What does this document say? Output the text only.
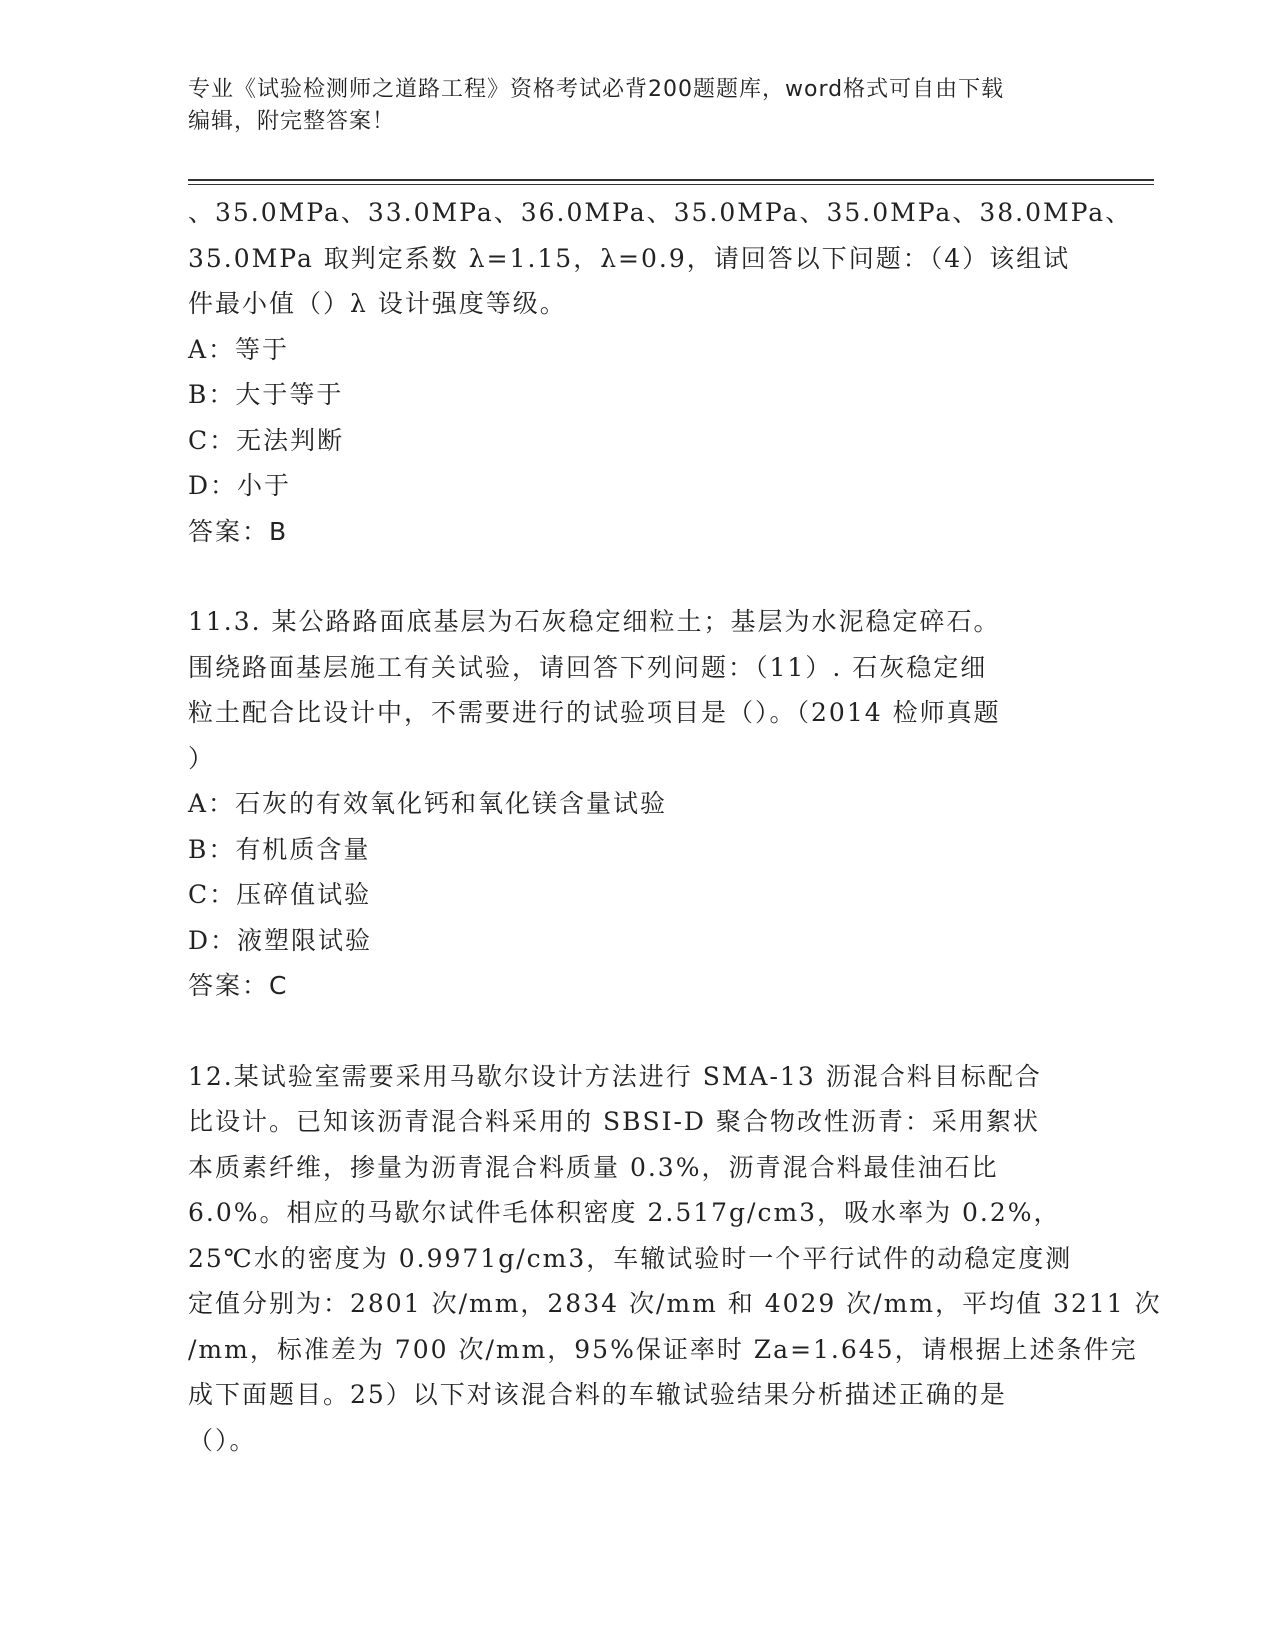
专业《试验检测师之道路工程》资格考试必背200题题库，word格式可自由下载
编辑，附完整答案！
、35.0MPa、33.0MPa、36.0MPa、35.0MPa、35.0MPa、38.0MPa、
35.0MPa 取判定系数 λ=1.15，λ=0.9，请回答以下问题：（4）该组试
件最小值（）λ 设计强度等级。
A：等于
B：大于等于
C：无法判断
D：小于
答案：B
11.3. 某公路路面底基层为石灰稳定细粒土；基层为水泥稳定碎石。
围绕路面基层施工有关试验，请回答下列问题：（11）. 石灰稳定细
粒土配合比设计中，不需要进行的试验项目是（）。（2014 检师真题
）
A：石灰的有效氧化钙和氧化镁含量试验
B：有机质含量
C：压碎值试验
D：液塑限试验
答案：C
12.某试验室需要采用马歇尔设计方法进行 SMA-13 沥混合料目标配合
比设计。已知该沥青混合料采用的 SBSI-D 聚合物改性沥青：采用絮状
本质素纤维，掺量为沥青混合料质量 0.3%，沥青混合料最佳油石比
6.0%。相应的马歇尔试件毛体积密度 2.517g/cm3，吸水率为 0.2%，
25℃水的密度为 0.9971g/cm3，车辙试验时一个平行试件的动稳定度测
定值分别为：2801 次/mm，2834 次/mm 和 4029 次/mm，平均值 3211 次
/mm，标准差为 700 次/mm，95%保证率时 Za=1.645，请根据上述条件完
成下面题目。25）以下对该混合料的车辙试验结果分析描述正确的是
（）。
